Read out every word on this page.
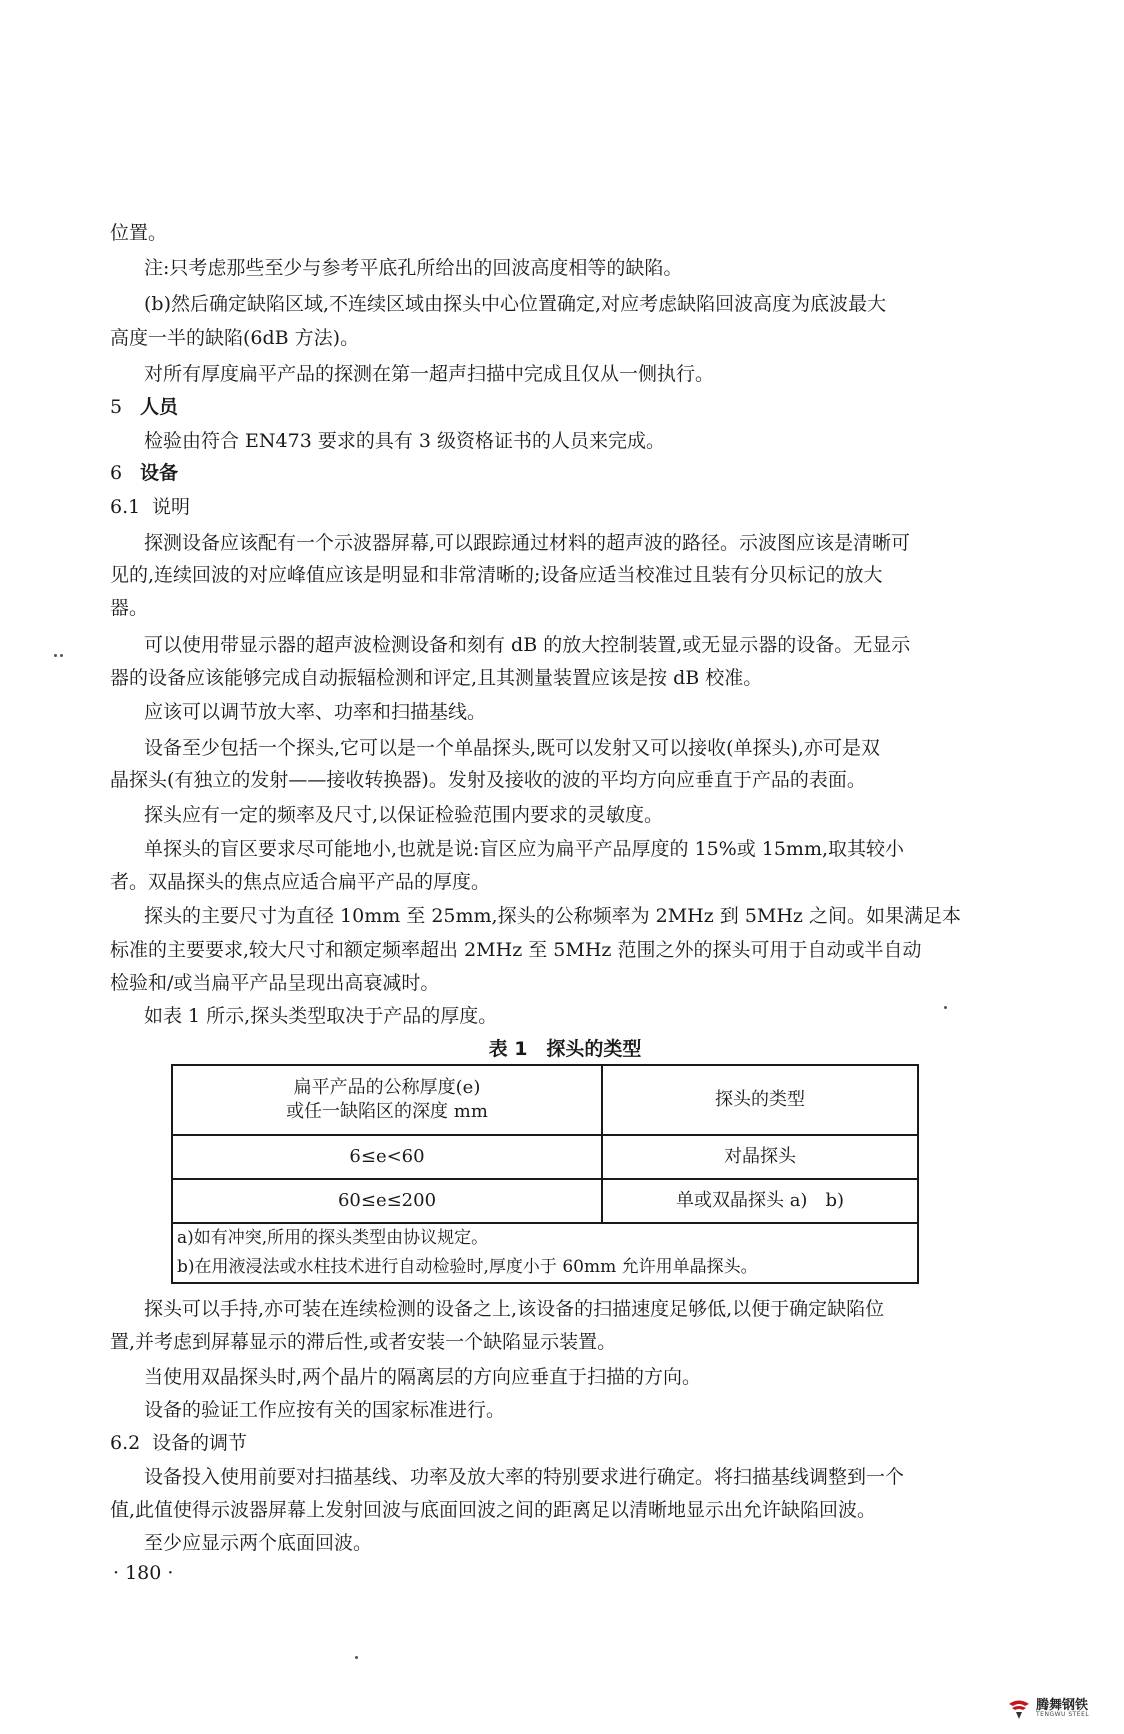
位置。
注:只考虑那些至少与参考平底孔所给出的回波高度相等的缺陷。
(b)然后确定缺陷区域,不连续区域由探头中心位置确定,对应考虑缺陷回波高度为底波最大
高度一半的缺陷(6dB 方法)。
对所有厚度扁平产品的探测在第一超声扫描中完成且仅从一侧执行。
5 人员
检验由符合 EN473 要求的具有 3 级资格证书的人员来完成。
6 设备
6.1 说明
探测设备应该配有一个示波器屏幕,可以跟踪通过材料的超声波的路径。示波图应该是清晰可
见的,连续回波的对应峰值应该是明显和非常清晰的;设备应适当校准过且装有分贝标记的放大
器。
可以使用带显示器的超声波检测设备和刻有 dB 的放大控制装置,或无显示器的设备。无显示
器的设备应该能够完成自动振辐检测和评定,且其测量装置应该是按 dB 校准。
应该可以调节放大率、功率和扫描基线。
设备至少包括一个探头,它可以是一个单晶探头,既可以发射又可以接收(单探头),亦可是双
晶探头(有独立的发射——接收转换器)。发射及接收的波的平均方向应垂直于产品的表面。
探头应有一定的频率及尺寸,以保证检验范围内要求的灵敏度。
单探头的盲区要求尽可能地小,也就是说:盲区应为扁平产品厚度的 15%或 15mm,取其较小
者。双晶探头的焦点应适合扁平产品的厚度。
探头的主要尺寸为直径 10mm 至 25mm,探头的公称频率为 2MHz 到 5MHz 之间。如果满足本
标准的主要要求,较大尺寸和额定频率超出 2MHz 至 5MHz 范围之外的探头可用于自动或半自动
检验和/或当扁平产品呈现出高衰减时。
如表 1 所示,探头类型取决于产品的厚度。
表 1　探头的类型
扁平产品的公称厚度(e)
或任一缺陷区的深度 mm	探头的类型
6≤e<60	对晶探头
60≤e≤200	单或双晶探头 a)　b)
a)如有冲突,所用的探头类型由协议规定。	
b)在用液浸法或水柱技术进行自动检验时,厚度小于 60mm 允许用单晶探头。	
探头可以手持,亦可装在连续检测的设备之上,该设备的扫描速度足够低,以便于确定缺陷位
置,并考虑到屏幕显示的滞后性,或者安装一个缺陷显示装置。
当使用双晶探头时,两个晶片的隔离层的方向应垂直于扫描的方向。
设备的验证工作应按有关的国家标准进行。
6.2 设备的调节
设备投入使用前要对扫描基线、功率及放大率的特别要求进行确定。将扫描基线调整到一个
值,此值使得示波器屏幕上发射回波与底面回波之间的距离足以清晰地显示出允许缺陷回波。
至少应显示两个底面回波。
· 180 ·
腾舞钢铁
TENGWU STEEL
